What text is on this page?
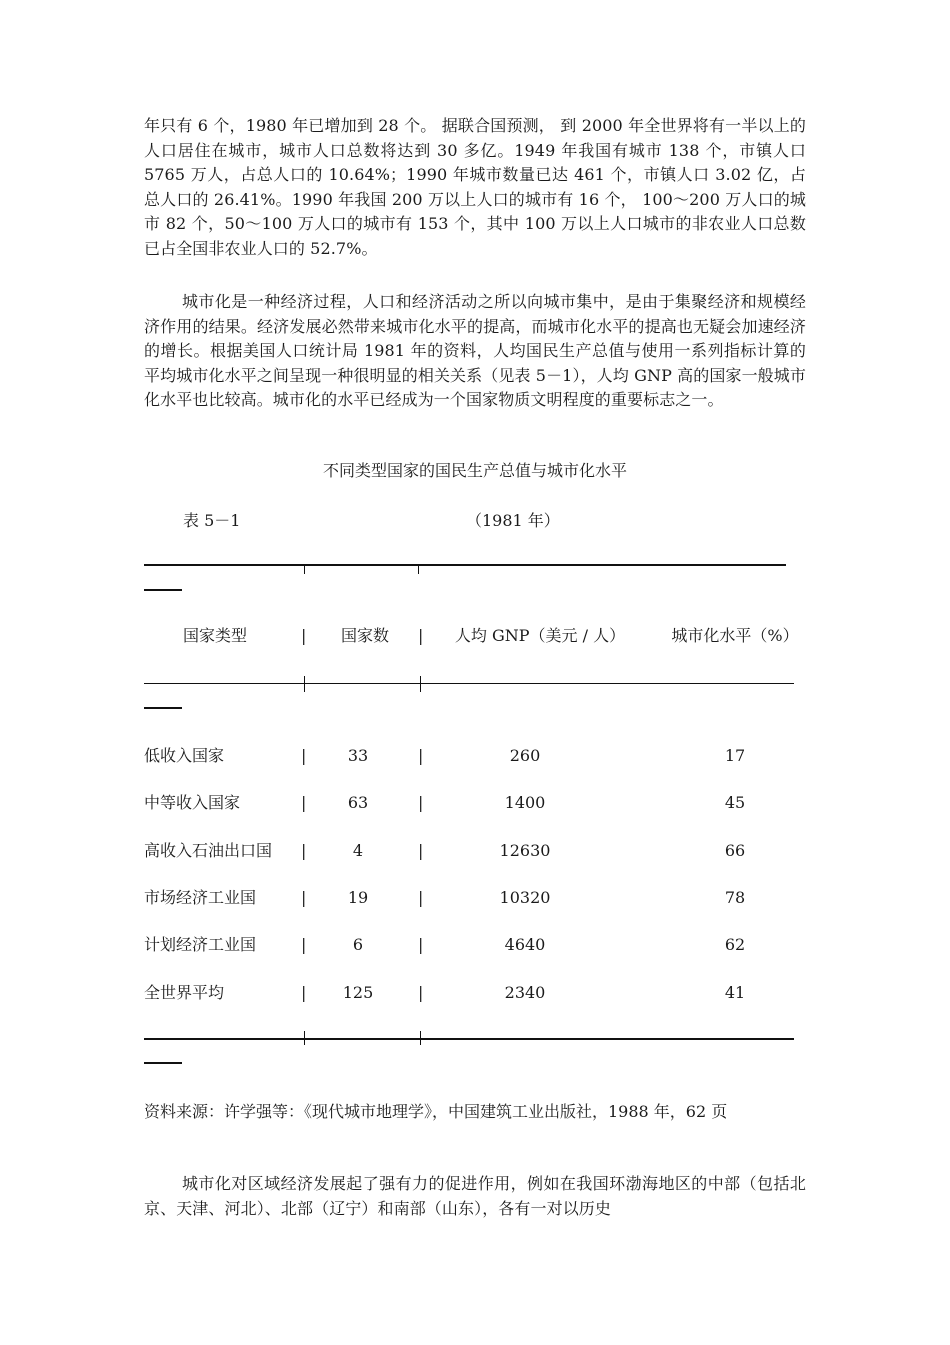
年只有 6 个，1980 年已增加到 28 个。 据联合国预测， 到 2000 年全世界将有一半以上的人口居住在城市，城市人口总数将达到 30 多亿。1949 年我国有城市 138 个，市镇人口 5765 万人，占总人口的 10.64%；1990 年城市数量已达 461 个，市镇人口 3.02 亿，占总人口的 26.41%。1990 年我国 200 万以上人口的城市有 16 个， 100～200 万人口的城市 82 个，50～100 万人口的城市有 153 个，其中 100 万以上人口城市的非农业人口总数已占全国非农业人口的 52.7%。

城市化是一种经济过程，人口和经济活动之所以向城市集中，是由于集聚经济和规模经济作用的结果。经济发展必然带来城市化水平的提高，而城市化水平的提高也无疑会加速经济的增长。根据美国人口统计局 1981 年的资料，人均国民生产总值与使用一系列指标计算的平均城市化水平之间呈现一种很明显的相关关系（见表 5－1），人均 GNP 高的国家一般城市化水平也比较高。城市化的水平已经成为一个国家物质文明程度的重要标志之一。

不同类型国家的国民生产总值与城市化水平
表 5－1	（1981 年）
国家类型	|	国家数	|	人均 GNP（美元 / 人）	城市化水平（%）
低收入国家	|	33	|	260	17
中等收入国家	|	63	|	1400	45
高收入石油出口国 |	4	|	12630	66
市场经济工业国	|	19	|	10320	78
计划经济工业国	|	6	|	4640	62
全世界平均	|	125	|	2340	41
资料来源：许学强等：《现代城市地理学》，中国建筑工业出版社，1988 年，62 页

城市化对区域经济发展起了强有力的促进作用，例如在我国环渤海地区的中部（包括北京、天津、河北）、北部（辽宁）和南部（山东），各有一对以历史
